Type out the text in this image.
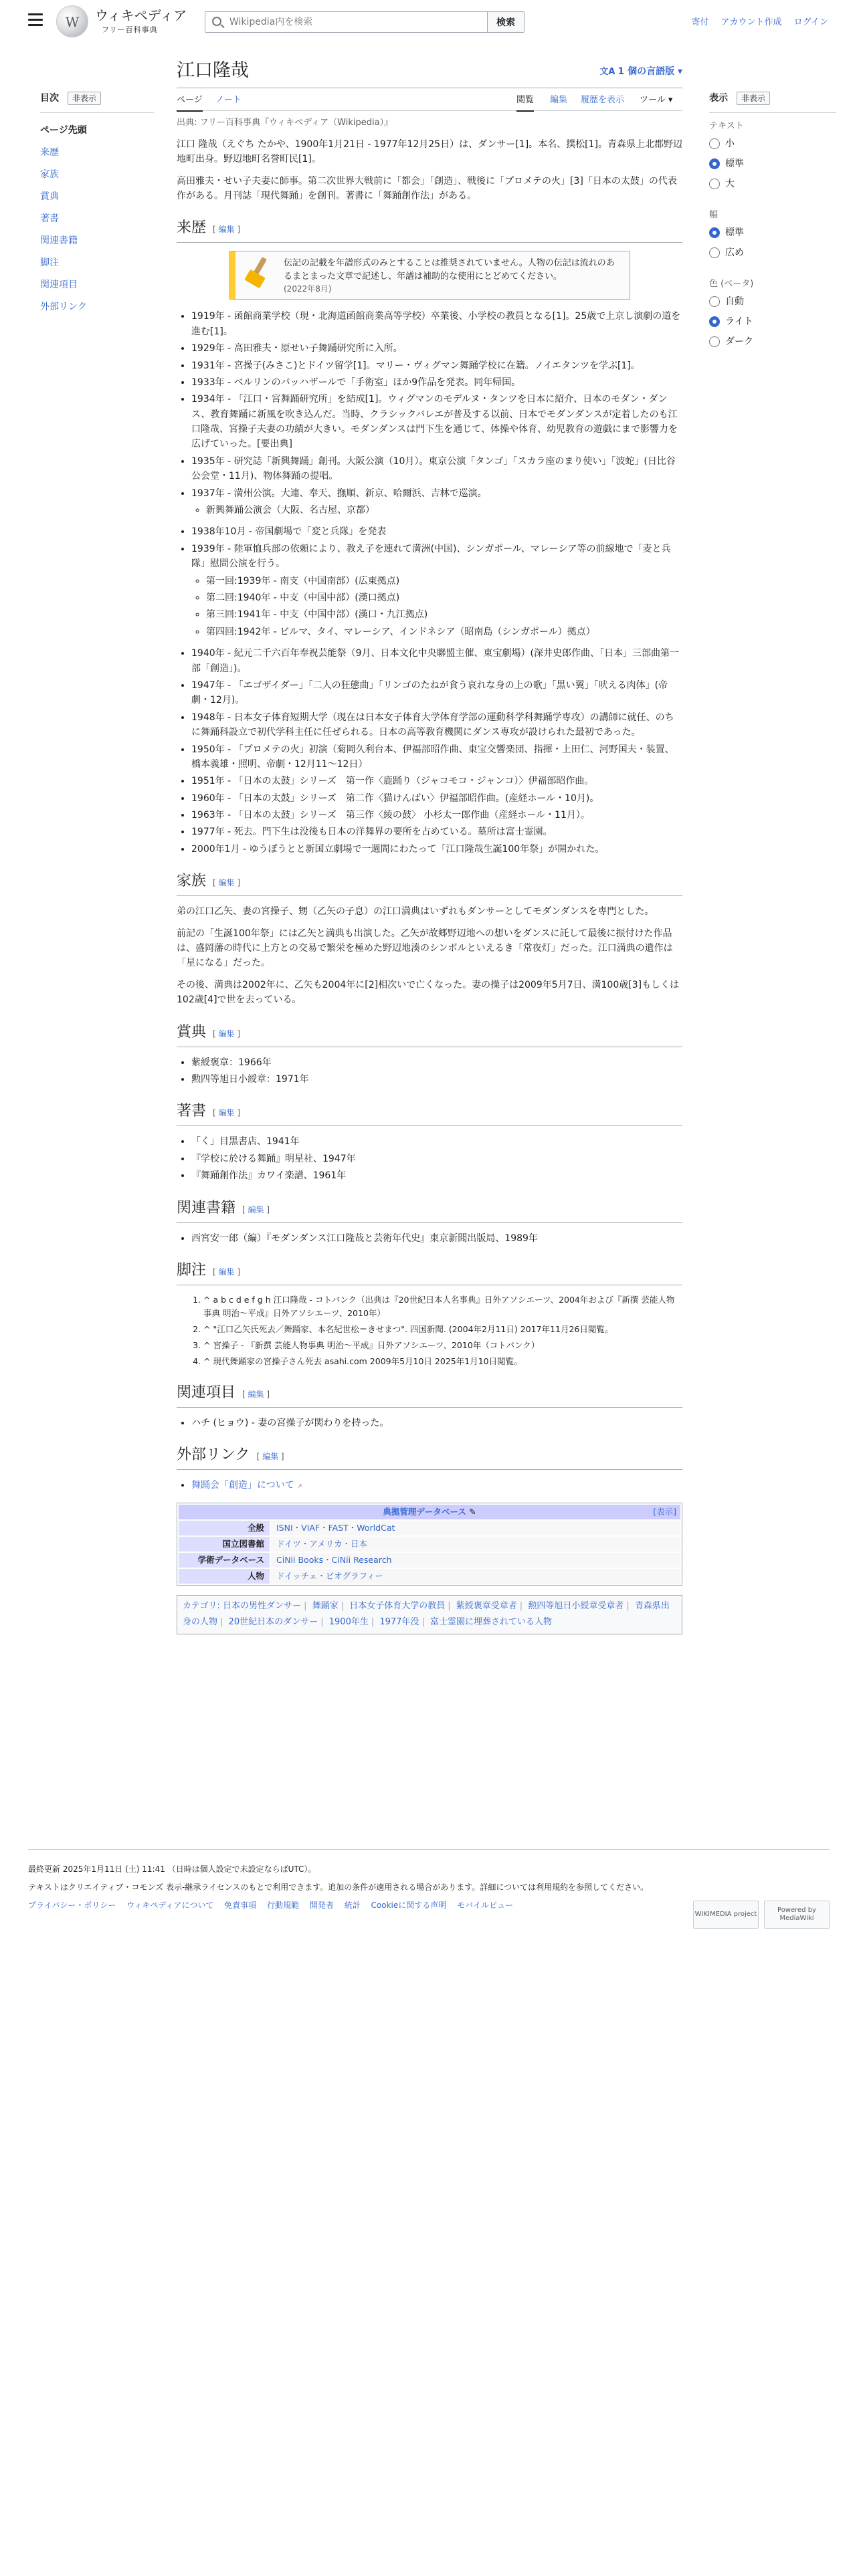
W
ウィキペディア
フリー百科事典
Wikipedia内を検索
検索	寄付 アカウント作成 ログイン
目次 非表示
ページ先頭
来歴
家族
賞典
著書
関連書籍
脚注
関連項目
外部リンク
表示 非表示
テキスト
小
標準
大
幅
標準
広め
色 (ベータ)
自動
ライト
ダーク
江口隆哉	文A 1 個の言語版 ▾
ページ ノート	閲覧 編集 履歴を表示 ツール ▾
出典: フリー百科事典『ウィキペディア（Wikipedia）』

江口 隆哉（えぐち たかや、1900年1月21日 - 1977年12月25日）は、ダンサー[1]。本名、撲松[1]。青森県上北郡野辺地町出身。野辺地町名誉町民[1]。

高田雅夫・せい子夫妻に師事。第二次世界大戦前に「都会」「創造」、戦後に「プロメテの火」[3]「日本の太鼓」の代表作がある。月刊誌「現代舞踊」を創刊。著書に「舞踊創作法」がある。

来歴 [ 編集 ]
伝記の記載を年譜形式のみとすることは推奨されていません。人物の伝記は流れのあるまとまった文章で記述し、年譜は補助的な使用にとどめてください。
(2022年8月)
• 1919年 - 函館商業学校（現・北海道函館商業高等学校）卒業後、小学校の教員となる[1]。25歳で上京し演劇の道を進む[1]。
• 1929年 - 高田雅夫・原せい子舞踊研究所に入所。
• 1931年 - 宮操子(みさこ)とドイツ留学[1]。マリー・ヴィグマン舞踊学校に在籍。ノイエタンツを学ぶ[1]。
• 1933年 - ベルリンのバッハザールで「手術室」ほか9作品を発表。同年帰国。
• 1934年 - 「江口・宮舞踊研究所」を結成[1]。ウィグマンのモデルヌ・タンツを日本に紹介、日本のモダン・ダンス、教育舞踊に新風を吹き込んだ。当時、クラシックバレエが普及する以前、日本でモダンダンスが定着したのも江口隆哉、宮操子夫妻の功績が大きい。モダンダンスは門下生を通じて、体操や体育、幼児教育の遊戯にまで影響力を広げていった。[要出典]
• 1935年 - 研究誌「新興舞踊」創刊。大阪公演（10月）。東京公演「タンゴ」「スカラ座のまり使い」「波蛇」(日比谷公会堂・11月)、物体舞踊の提唱。
• 1937年 - 満州公演。大連、奉天、撫順、新京、哈爾浜、吉林で巡演。
◦ 新興舞踊公演会（大阪、名古屋、京都）
• 1938年10月 - 帝国劇場で「変と兵隊」を発表
• 1939年 - 陸軍恤兵部の依頼により、教え子を連れて満洲(中国)、シンガポール、マレーシア等の前線地で「麦と兵隊」慰問公演を行う。
◦ 第一回:1939年 - 南支（中国南部）(広東拠点)
◦ 第二回:1940年 - 中支（中国中部）(漢口拠点)
◦ 第三回:1941年 - 中支（中国中部）(漢口・九江拠点)
◦ 第四回:1942年 - ビルマ、タイ、マレーシア、インドネシア（昭南島（シンガポール）拠点）
• 1940年 - 紀元二千六百年奉祝芸能祭（9月、日本文化中央聯盟主催、東宝劇場）(深井史郎作曲、「日本」三部曲第一部「創造」)。
• 1947年 - 「エゴザイダー」「二人の狂態曲」「リンゴのたねが食う哀れな身の上の歌」「黒い翼」「吠える肉体」(帝劇・12月)。
• 1948年 - 日本女子体育短期大学（現在は日本女子体育大学体育学部の運動科学科舞踊学専攻）の講師に就任、のちに舞踊科設立で初代学科主任に任ぜられる。日本の高等教育機関にダンス専攻が設けられた最初であった。
• 1950年 - 「プロメテの火」初演（菊岡久利台本、伊福部昭作曲、東宝交響楽団、指揮・上田仁、河野国夫・装置、橋本義雄・照明、帝劇・12月11〜12日）
• 1951年 - 「日本の太鼓」シリーズ　第一作〈鹿踊り（ジャコモコ・ジャンコ）〉伊福部昭作曲。
• 1960年 - 「日本の太鼓」シリーズ　第二作〈猫けんばい〉伊福部昭作曲。(産経ホール・10月)。
• 1963年 - 「日本の太鼓」シリーズ　第三作〈綾の鼓〉 小杉太一郎作曲（産経ホール・11月）。
• 1977年 - 死去。門下生は没後も日本の洋舞界の要所を占めている。墓所は富士霊園。
• 2000年1月 - ゆうぽうとと新国立劇場で一週間にわたって「江口隆哉生誕100年祭」が開かれた。
家族 [ 編集 ]

弟の江口乙矢、妻の宮操子、甥（乙矢の子息）の江口満典はいずれもダンサーとしてモダンダンスを専門とした。

前記の「生誕100年祭」には乙矢と満典も出演した。乙矢が故郷野辺地への想いをダンスに託して最後に振付けた作品は、盛岡藩の時代に上方との交易で繁栄を極めた野辺地湊のシンボルといえるき「常夜灯」だった。江口満典の遺作は「星になる」だった。

その後、満典は2002年に、乙矢も2004年に[2]相次いで亡くなった。妻の操子は2009年5月7日、満100歳[3]もしくは102歳[4]で世を去っている。

賞典 [ 編集 ]
• 紫綬褒章：1966年
• 勲四等旭日小綬章：1971年
著書 [ 編集 ]
• 「く」目黒書店、1941年
• 『学校に於ける舞踊』明星社、1947年
• 『舞踊創作法』カワイ楽譜、1961年
関連書籍 [ 編集 ]
• 西宮安一郎（編）『モダンダンス江口隆哉と芸術年代史』東京新聞出版局、1989年
脚注 [ 編集 ]
1. ^ a b c d e f g h 江口隆哉 - コトバンク（出典は『20世紀日本人名事典』日外アソシエーツ、2004年および『新撰 芸能人物事典 明治〜平成』日外アソシエーツ、2010年）
2. ^ "江口乙矢氏死去／舞踊家、本名紀世松＝きせまつ". 四国新聞. (2004年2月11日) 2017年11月26日閲覧。
3. ^ 宮操子 - 『新撰 芸能人物事典 明治〜平成』日外アソシエーツ、2010年（コトバンク）
4. ^ 現代舞踊家の宮操子さん死去 asahi.com 2009年5月10日 2025年1月10日閲覧。
関連項目 [ 編集 ]
• ハチ (ヒョウ) - 妻の宮操子が関わりを持った。
外部リンク [ 編集 ]
• 舞踊会「創造」について ↗
典拠管理データベース ✎	[表示]
全般	ISNI・VIAF・FAST・WorldCat
国立図書館	ドイツ・アメリカ・日本
学術データベース	CiNii Books・CiNii Research
人物	ドイッチェ・ビオグラフィー
カテゴリ: 日本の男性ダンサー | 舞踊家 | 日本女子体育大学の教員 | 紫綬褒章受章者 | 勲四等旭日小綬章受章者 | 青森県出身の人物 | 20世紀日本のダンサー | 1900年生 | 1977年没 | 富士霊園に埋葬されている人物

最終更新 2025年1月11日 (土) 11:41 （日時は個人設定で未設定ならばUTC）。

テキストはクリエイティブ・コモンズ 表示-継承ライセンスのもとで利用できます。追加の条件が適用される場合があります。詳細については利用規約を参照してください。

プライバシー・ポリシー ウィキペディアについて 免責事項 行動規範 開発者 統計 Cookieに関する声明 モバイルビュー

WIKIMEDIA project
Powered by MediaWiki
